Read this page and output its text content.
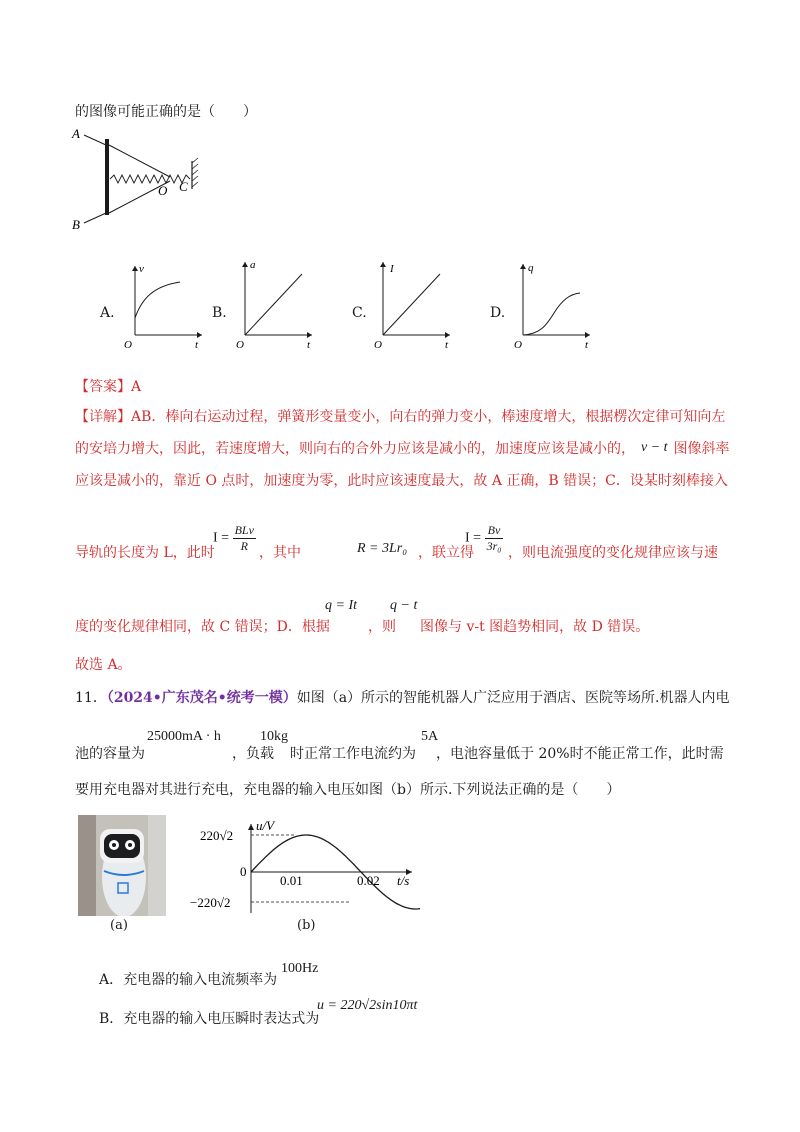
的图像可能正确的是（　　）
A
B
O C
A.
v
t
O
B.
a
t
O
C.
I
t
O
D.
q
t
O
【答案】A
【详解】AB．棒向右运动过程，弹簧形变量变小，向右的弹力变小，棒速度增大，根据楞次定律可知向左
的安培力增大，因此，若速度增大，则向右的合外力应该是减小的，加速度应该是减小的， v − t 图像斜率
应该是减小的，靠近 O 点时，加速度为零，此时应该速度最大，故 A 正确，B 错误；C．设某时刻棒接入
导轨的长度为 L，此时
$I = \frac{\text{BLv}}{R}$ ，其中	R = 3Lr₀ ，联立得
$I = \frac{Bv}{\text{3r₀}}$ ，则电流强度的变化规律应该与速
度的变化规律相同，故 C 错误；D．根据
q = It
，则
q − t
图像与 v-t 图趋势相同，故 D 错误。
故选 A。
11．（2024•广东茂名•统考一模）如图（a）所示的智能机器人广泛应用于酒店、医院等场所.机器人内电
池的容量为
25000mA · h
，负载
10kg
时正常工作电流约为
5A
，电池容量低于 20%时不能正常工作，此时需
要用充电器对其进行充电，充电器的输入电压如图（b）所示.下列说法正确的是（　　）
(a)
u/V
t/s
0
220√2
−220√2
0.01	0.02
(b)
A．充电器的输入电流频率为
100Hz
B．充电器的输入电压瞬时表达式为
u = 220√2sin10πt
